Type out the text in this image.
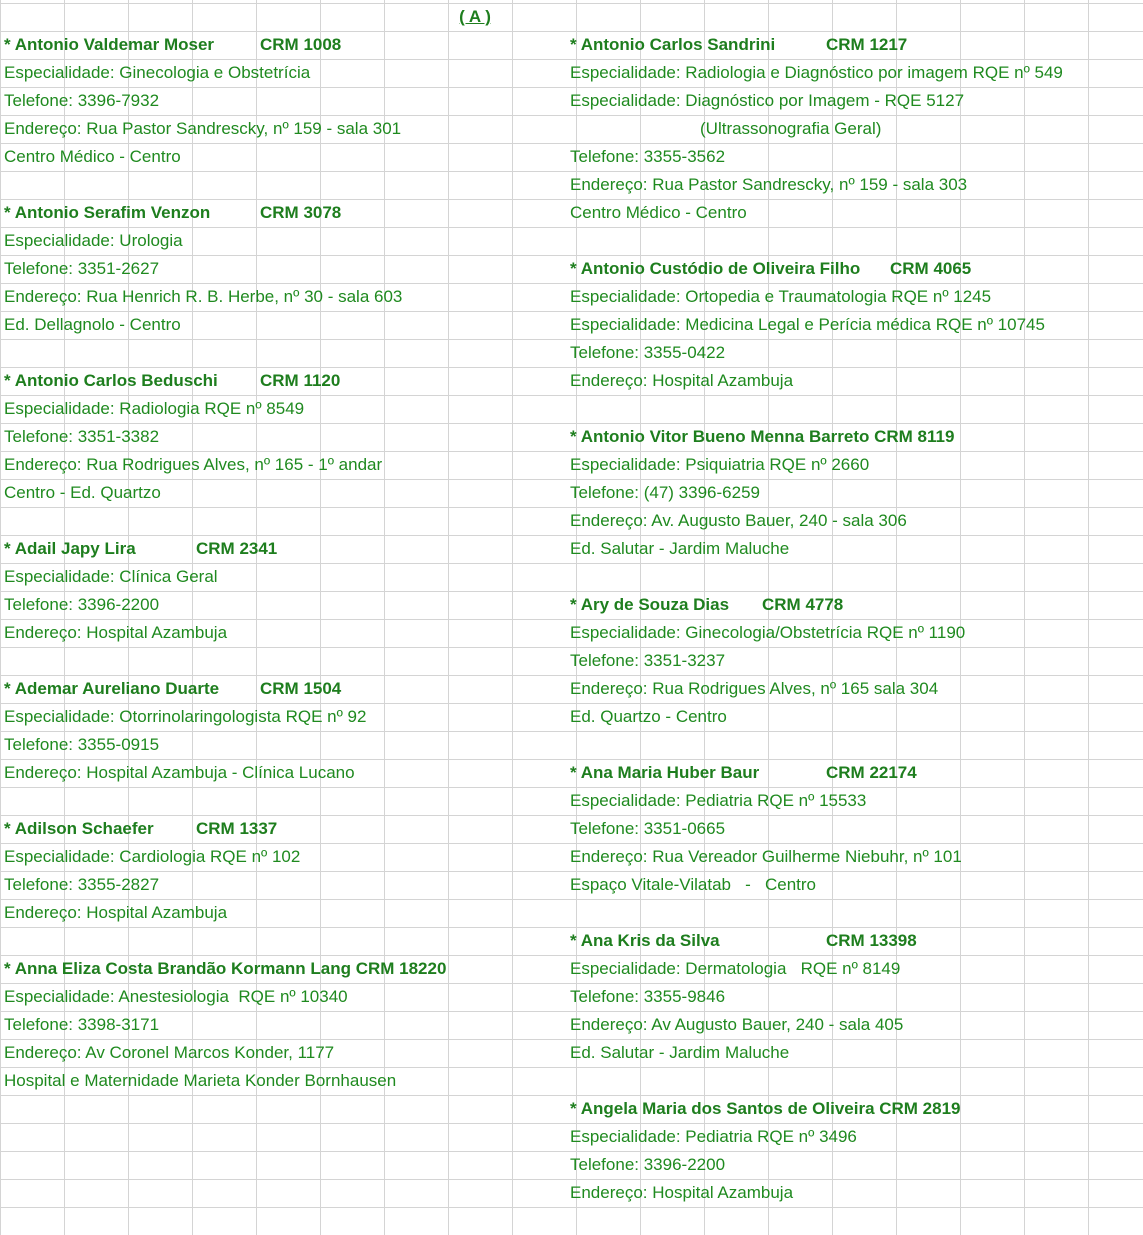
( A )
* Antonio Valdemar Moser	CRM 1008
Especialidade: Ginecologia e Obstetrícia
Telefone: 3396-7932
Endereço: Rua Pastor Sandrescky, nº 159 - sala 301
Centro Médico - Centro
* Antonio Serafim Venzon	CRM 3078
Especialidade: Urologia
Telefone: 3351-2627
Endereço: Rua Henrich R. B. Herbe, nº 30 - sala 603
Ed. Dellagnolo - Centro
* Antonio Carlos Beduschi CRM 1120
Especialidade: Radiologia RQE nº 8549
Telefone: 3351-3382
Endereço: Rua Rodrigues Alves, nº 165 - 1º andar
Centro - Ed. Quartzo
* Adail Japy Lira	CRM 2341
Especialidade: Clínica Geral
Telefone: 3396-2200
Endereço: Hospital Azambuja
* Ademar Aureliano Duarte CRM 1504
Especialidade: Otorrinolaringologista RQE nº 92
Telefone: 3355-0915
Endereço: Hospital Azambuja - Clínica Lucano
* Adilson Schaefer CRM 1337
Especialidade: Cardiologia RQE nº 102
Telefone: 3355-2827
Endereço: Hospital Azambuja
* Anna Eliza Costa Brandão Kormann Lang CRM 18220
Especialidade: Anestesiologia  RQE nº 10340
Telefone: 3398-3171
Endereço: Av Coronel Marcos Konder, 1177
Hospital e Maternidade Marieta Konder Bornhausen
* Antonio Carlos Sandrini	CRM 1217
Especialidade: Radiologia e Diagnóstico por imagem RQE nº 549
Especialidade: Diagnóstico por Imagem - RQE 5127
(Ultrassonografia Geral)
Telefone: 3355-3562
Endereço: Rua Pastor Sandrescky, nº 159 - sala 303
Centro Médico - Centro
* Antonio Custódio de Oliveira Filho CRM 4065
Especialidade: Ortopedia e Traumatologia RQE nº 1245
Especialidade: Medicina Legal e Perícia médica RQE nº 10745
Telefone: 3355-0422
Endereço: Hospital Azambuja
* Antonio Vitor Bueno Menna Barreto CRM 8119
Especialidade: Psiquiatria RQE nº 2660
Telefone: (47) 3396-6259
Endereço: Av. Augusto Bauer, 240 - sala 306
Ed. Salutar - Jardim Maluche
* Ary de Souza Dias CRM 4778
Especialidade: Ginecologia/Obstetrícia RQE nº 1190
Telefone: 3351-3237
Endereço: Rua Rodrigues Alves, nº 165 sala 304
Ed. Quartzo - Centro
* Ana Maria Huber Baur	CRM 22174
Especialidade: Pediatria RQE nº 15533
Telefone: 3351-0665
Endereço: Rua Vereador Guilherme Niebuhr, nº 101
Espaço Vitale-Vilatab   -   Centro
* Ana Kris da Silva	CRM 13398
Especialidade: Dermatologia   RQE nº 8149
Telefone: 3355-9846
Endereço: Av Augusto Bauer, 240 - sala 405
Ed. Salutar - Jardim Maluche
* Angela Maria dos Santos de Oliveira CRM 2819
Especialidade: Pediatria RQE nº 3496
Telefone: 3396-2200
Endereço: Hospital Azambuja
